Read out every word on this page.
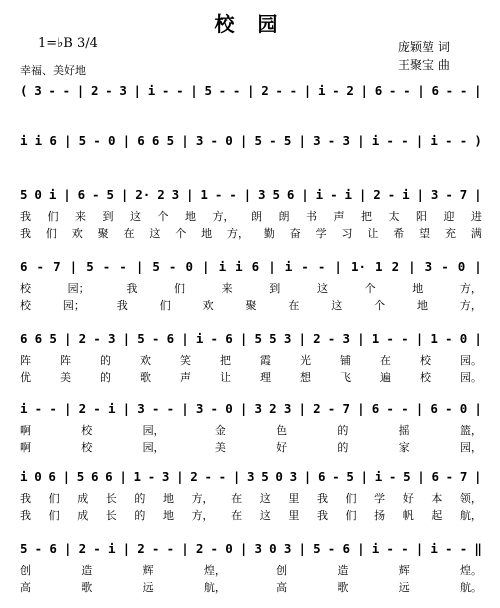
校 园
1=♭B 3/4
幸福、美好地
庞颖堃 词
王聚宝 曲
( 3 - - | 2 - 3 | i - - | 5 - - | 2 - - | i - 2 | 6 - - | 6 - - |
i i 6 | 5 - 0 | 6 6 5 | 3 - 0 | 5 - 5 | 3 - 3 | i - - | i - - )
5 0 i | 6 - 5 | 2· 2 3 | 1 - - | 3 5 6 | i - i | 2 - i | 3 - 7 |
我 们 来 到 这 个 地 方， 朗 朗 书 声 把 太 阳 迎 进
我 们 欢 聚 在 这 个 地 方， 勤 奋 学 习 让 希 望 充 满
6 - 7 | 5 - - | 5 - 0 | i i 6 | i - - | 1· 1 2 | 3 - 0 |
校	园；	我	们	来	到	这	个	地	方，
校	园；	我	们	欢	聚	在	这	个	地	方，
6 6 5 | 2 - 3 | 5 - 6 | i - 6 | 5 5 3 | 2 - 3 | 1 - - | 1 - 0 |
阵	阵	的	欢	笑	把	霞	光	铺	在	校	园。
优	美	的	歌	声	让	理	想	飞	遍	校	园。
i - - | 2 - i | 3 - - | 3 - 0 | 3 2 3 | 2 - 7 | 6 - - | 6 - 0 |
啊	校	园，	金	色	的	摇	篮，
啊	校	园，	美	好	的	家	园，
i 0 6 | 5 6 6 | 1 - 3 | 2 - - | 3 5 0 3 | 6 - 5 | i - 5 | 6 - 7 |
我 们 成 长 的 地 方， 在 这 里 我 们 学 好 本 领，
我 们 成 长 的 地 方， 在 这 里 我 们 扬 帆 起 航，
5 - 6 | 2 - i | 2 - - | 2 - 0 | 3 0 3 | 5 - 6 | i - - | i - - ‖
创	造	辉	煌，	创	造	辉	煌。
高	歌	远	航，	高	歌	远	航。
